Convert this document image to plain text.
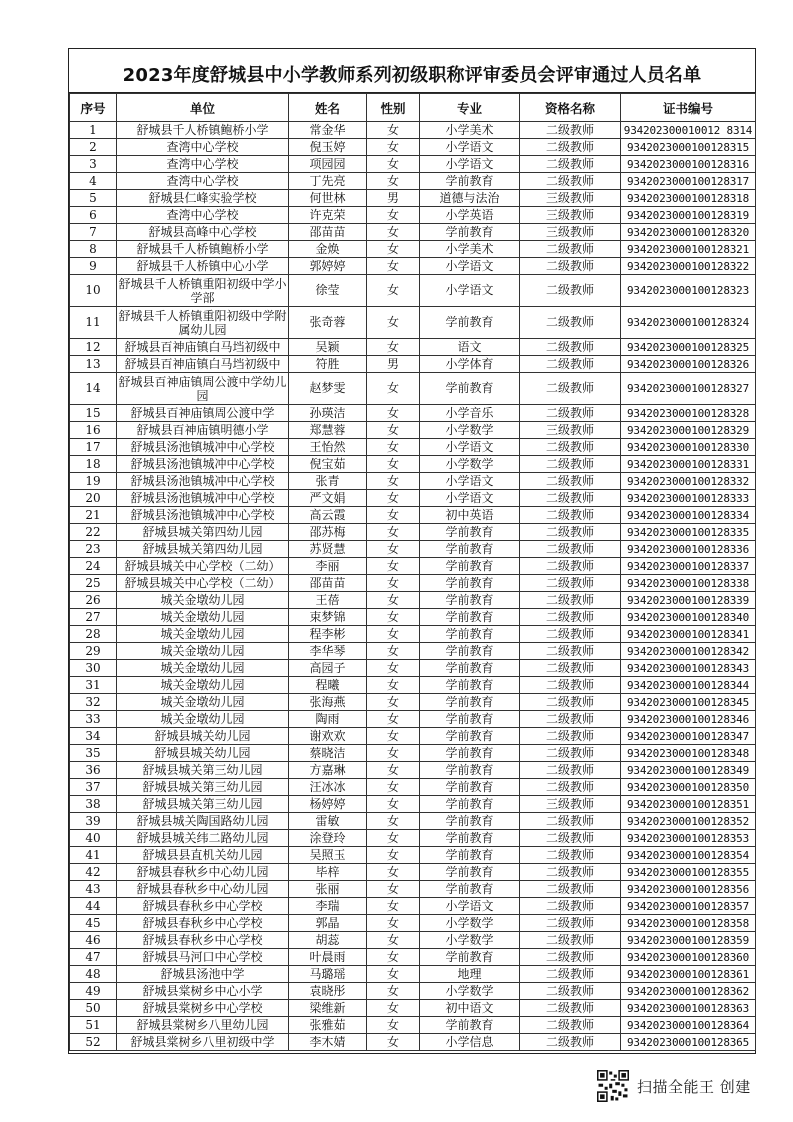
2023年度舒城县中小学教师系列初级职称评审委员会评审通过人员名单
序号	单位	姓名	性别	专业	资格名称	证书编号
1	舒城县千人桥镇鲍桥小学	常金华	女	小学美术	二级教师	934202300010012 8314
2	查湾中心学校	倪玉婷	女	小学语文	二级教师	9342023000100128315
3	查湾中心学校	项园园	女	小学语文	二级教师	9342023000100128316
4	查湾中心学校	丁先亮	女	学前教育	二级教师	9342023000100128317
5	舒城县仁峰实验学校	何世林	男	道德与法治	三级教师	9342023000100128318
6	查湾中心学校	许克荣	女	小学英语	三级教师	9342023000100128319
7	舒城县高峰中心学校	邵苗苗	女	学前教育	三级教师	9342023000100128320
8	舒城县千人桥镇鲍桥小学	金焕	女	小学美术	二级教师	9342023000100128321
9	舒城县千人桥镇中心小学	郭婷婷	女	小学语文	二级教师	9342023000100128322
10	舒城县千人桥镇重阳初级中学小学部	徐莹	女	小学语文	二级教师	9342023000100128323
11	舒城县千人桥镇重阳初级中学附属幼儿园	张奇蓉	女	学前教育	二级教师	9342023000100128324
12	舒城县百神庙镇白马垱初级中	吴颖	女	语文	二级教师	9342023000100128325
13	舒城县百神庙镇白马垱初级中	符胜	男	小学体育	二级教师	9342023000100128326
14	舒城县百神庙镇周公渡中学幼儿园	赵梦雯	女	学前教育	二级教师	9342023000100128327
15	舒城县百神庙镇周公渡中学	孙瑛洁	女	小学音乐	二级教师	9342023000100128328
16	舒城县百神庙镇明德小学	郑慧蓉	女	小学数学	三级教师	9342023000100128329
17	舒城县汤池镇城冲中心学校	王怡然	女	小学语文	二级教师	9342023000100128330
18	舒城县汤池镇城冲中心学校	倪宝茹	女	小学数学	二级教师	9342023000100128331
19	舒城县汤池镇城冲中心学校	张青	女	小学语文	二级教师	9342023000100128332
20	舒城县汤池镇城冲中心学校	严文娟	女	小学语文	二级教师	9342023000100128333
21	舒城县汤池镇城冲中心学校	高云霞	女	初中英语	二级教师	9342023000100128334
22	舒城县城关第四幼儿园	邵苏梅	女	学前教育	二级教师	9342023000100128335
23	舒城县城关第四幼儿园	苏贤慧	女	学前教育	二级教师	9342023000100128336
24	舒城县城关中心学校（二幼）	李丽	女	学前教育	二级教师	9342023000100128337
25	舒城县城关中心学校（二幼）	邵苗苗	女	学前教育	二级教师	9342023000100128338
26	城关金墩幼儿园	王蓓	女	学前教育	二级教师	9342023000100128339
27	城关金墩幼儿园	束梦锦	女	学前教育	二级教师	9342023000100128340
28	城关金墩幼儿园	程李彬	女	学前教育	二级教师	9342023000100128341
29	城关金墩幼儿园	李华琴	女	学前教育	二级教师	9342023000100128342
30	城关金墩幼儿园	高园子	女	学前教育	二级教师	9342023000100128343
31	城关金墩幼儿园	程曦	女	学前教育	二级教师	9342023000100128344
32	城关金墩幼儿园	张海燕	女	学前教育	二级教师	9342023000100128345
33	城关金墩幼儿园	陶雨	女	学前教育	二级教师	9342023000100128346
34	舒城县城关幼儿园	谢欢欢	女	学前教育	二级教师	9342023000100128347
35	舒城县城关幼儿园	蔡晓洁	女	学前教育	二级教师	9342023000100128348
36	舒城县城关第三幼儿园	方嘉琳	女	学前教育	二级教师	9342023000100128349
37	舒城县城关第三幼儿园	汪冰冰	女	学前教育	二级教师	9342023000100128350
38	舒城县城关第三幼儿园	杨婷婷	女	学前教育	三级教师	9342023000100128351
39	舒城县城关陶国路幼儿园	雷敏	女	学前教育	二级教师	9342023000100128352
40	舒城县城关纬二路幼儿园	涂登玲	女	学前教育	二级教师	9342023000100128353
41	舒城县县直机关幼儿园	吴照玉	女	学前教育	二级教师	9342023000100128354
42	舒城县春秋乡中心幼儿园	毕梓	女	学前教育	二级教师	9342023000100128355
43	舒城县春秋乡中心幼儿园	张丽	女	学前教育	二级教师	9342023000100128356
44	舒城县春秋乡中心学校	李瑞	女	小学语文	二级教师	9342023000100128357
45	舒城县春秋乡中心学校	郭晶	女	小学数学	二级教师	9342023000100128358
46	舒城县春秋乡中心学校	胡蕊	女	小学数学	二级教师	9342023000100128359
47	舒城县马河口中心学校	叶晨雨	女	学前教育	二级教师	9342023000100128360
48	舒城县汤池中学	马璐瑶	女	地理	二级教师	9342023000100128361
49	舒城县棠树乡中心小学	袁晓彤	女	小学数学	二级教师	9342023000100128362
50	舒城县棠树乡中心学校	梁维新	女	初中语文	二级教师	9342023000100128363
51	舒城县棠树乡八里幼儿园	张雅茹	女	学前教育	二级教师	9342023000100128364
52	舒城县棠树乡八里初级中学	李木婧	女	小学信息	二级教师	9342023000100128365
扫描全能王 创建
